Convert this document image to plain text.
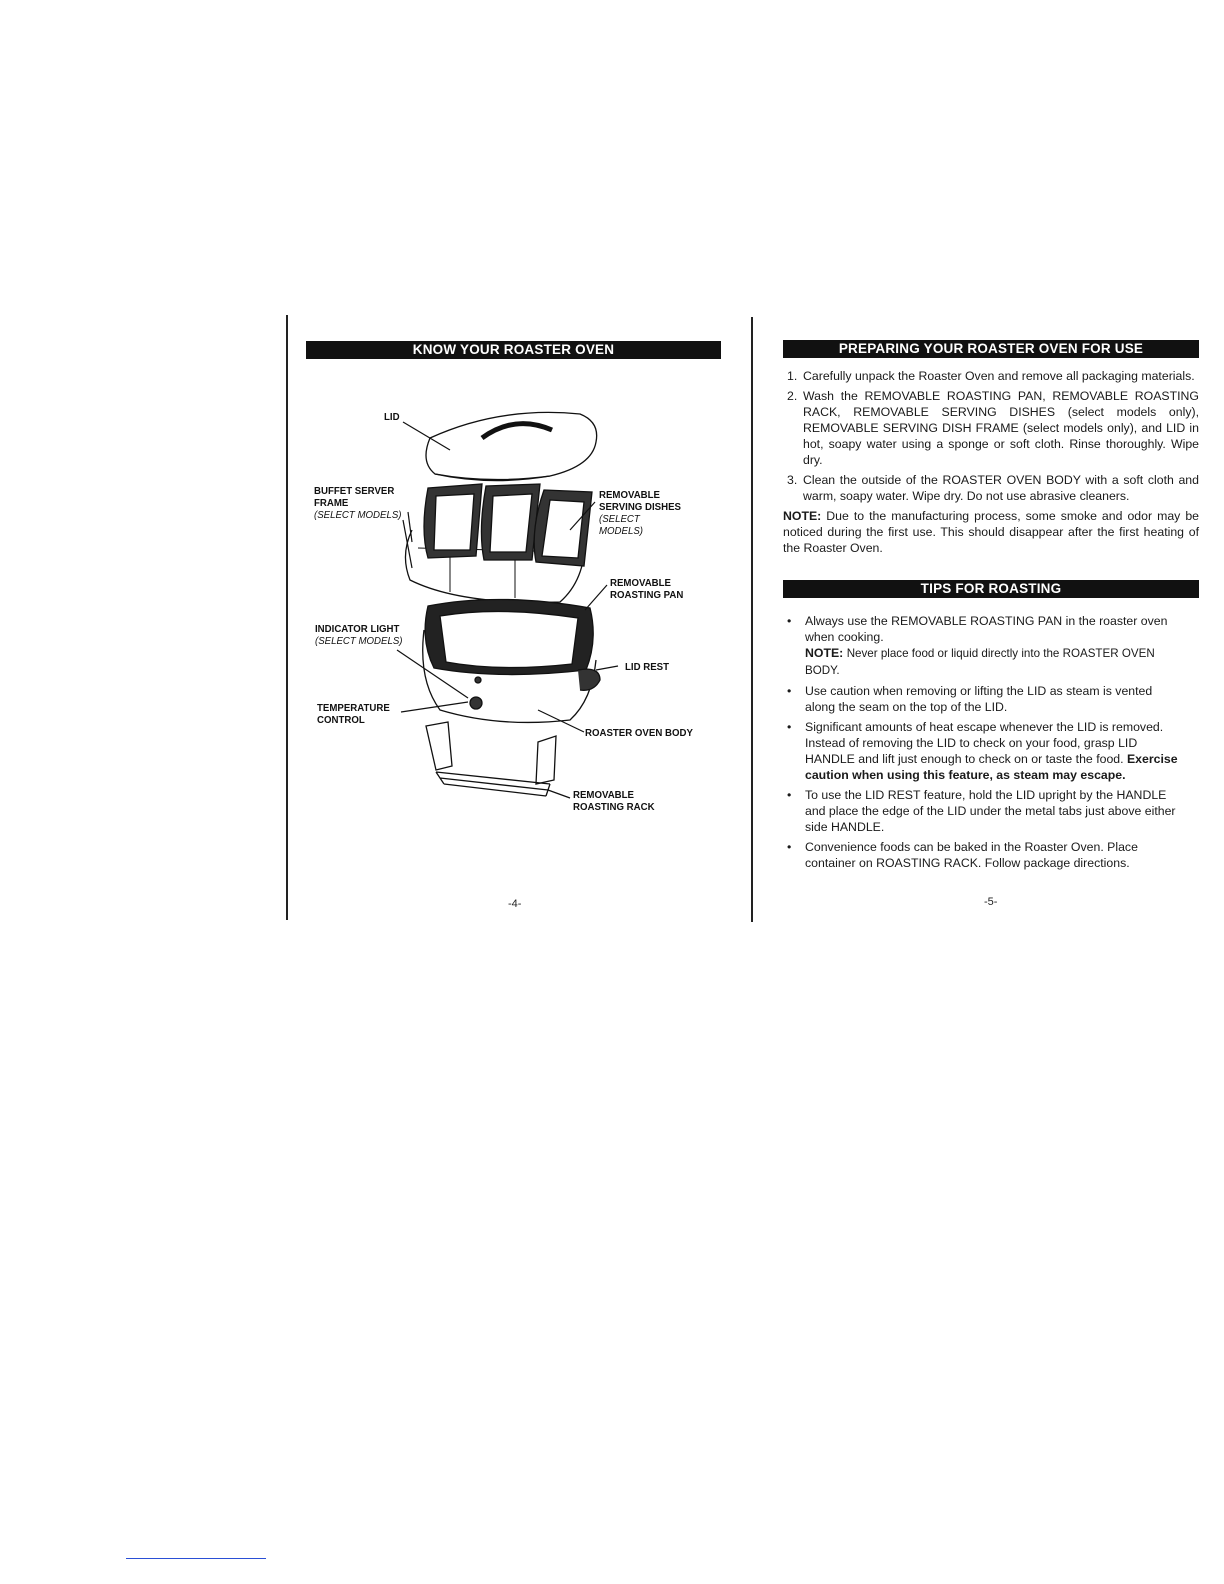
KNOW YOUR ROASTER OVEN
LID
BUFFET SERVER FRAME
(SELECT MODELS)
REMOVABLE SERVING DISHES
(SELECT MODELS)
REMOVABLE ROASTING PAN
INDICATOR LIGHT
(SELECT MODELS)
LID REST
TEMPERATURE CONTROL
ROASTER OVEN BODY
REMOVABLE ROASTING RACK
-4-
PREPARING YOUR ROASTER OVEN FOR USE
1. Carefully unpack the Roaster Oven and remove all packaging materials.
2. Wash the REMOVABLE ROASTING PAN, REMOVABLE ROASTING RACK, REMOVABLE SERVING DISHES (select models only), REMOVABLE SERVING DISH FRAME (select models only), and LID in hot, soapy water using a sponge or soft cloth. Rinse thoroughly. Wipe dry.
3. Clean the outside of the ROASTER OVEN BODY with a soft cloth and warm, soapy water. Wipe dry. Do not use abrasive cleaners.
NOTE: Due to the manufacturing process, some smoke and odor may be noticed during the first use. This should disappear after the first heating of the Roaster Oven.
TIPS FOR ROASTING
• Always use the REMOVABLE ROASTING PAN in the roaster oven when cooking.
NOTE: Never place food or liquid directly into the ROASTER OVEN BODY.
• Use caution when removing or lifting the LID as steam is vented along the seam on the top of the LID.
• Significant amounts of heat escape whenever the LID is removed. Instead of removing the LID to check on your food, grasp LID HANDLE and lift just enough to check on or taste the food. Exercise caution when using this feature, as steam may escape.
• To use the LID REST feature, hold the LID upright by the HANDLE and place the edge of the LID under the metal tabs just above either side HANDLE.
• Convenience foods can be baked in the Roaster Oven. Place container on ROASTING RACK. Follow package directions.
-5-
